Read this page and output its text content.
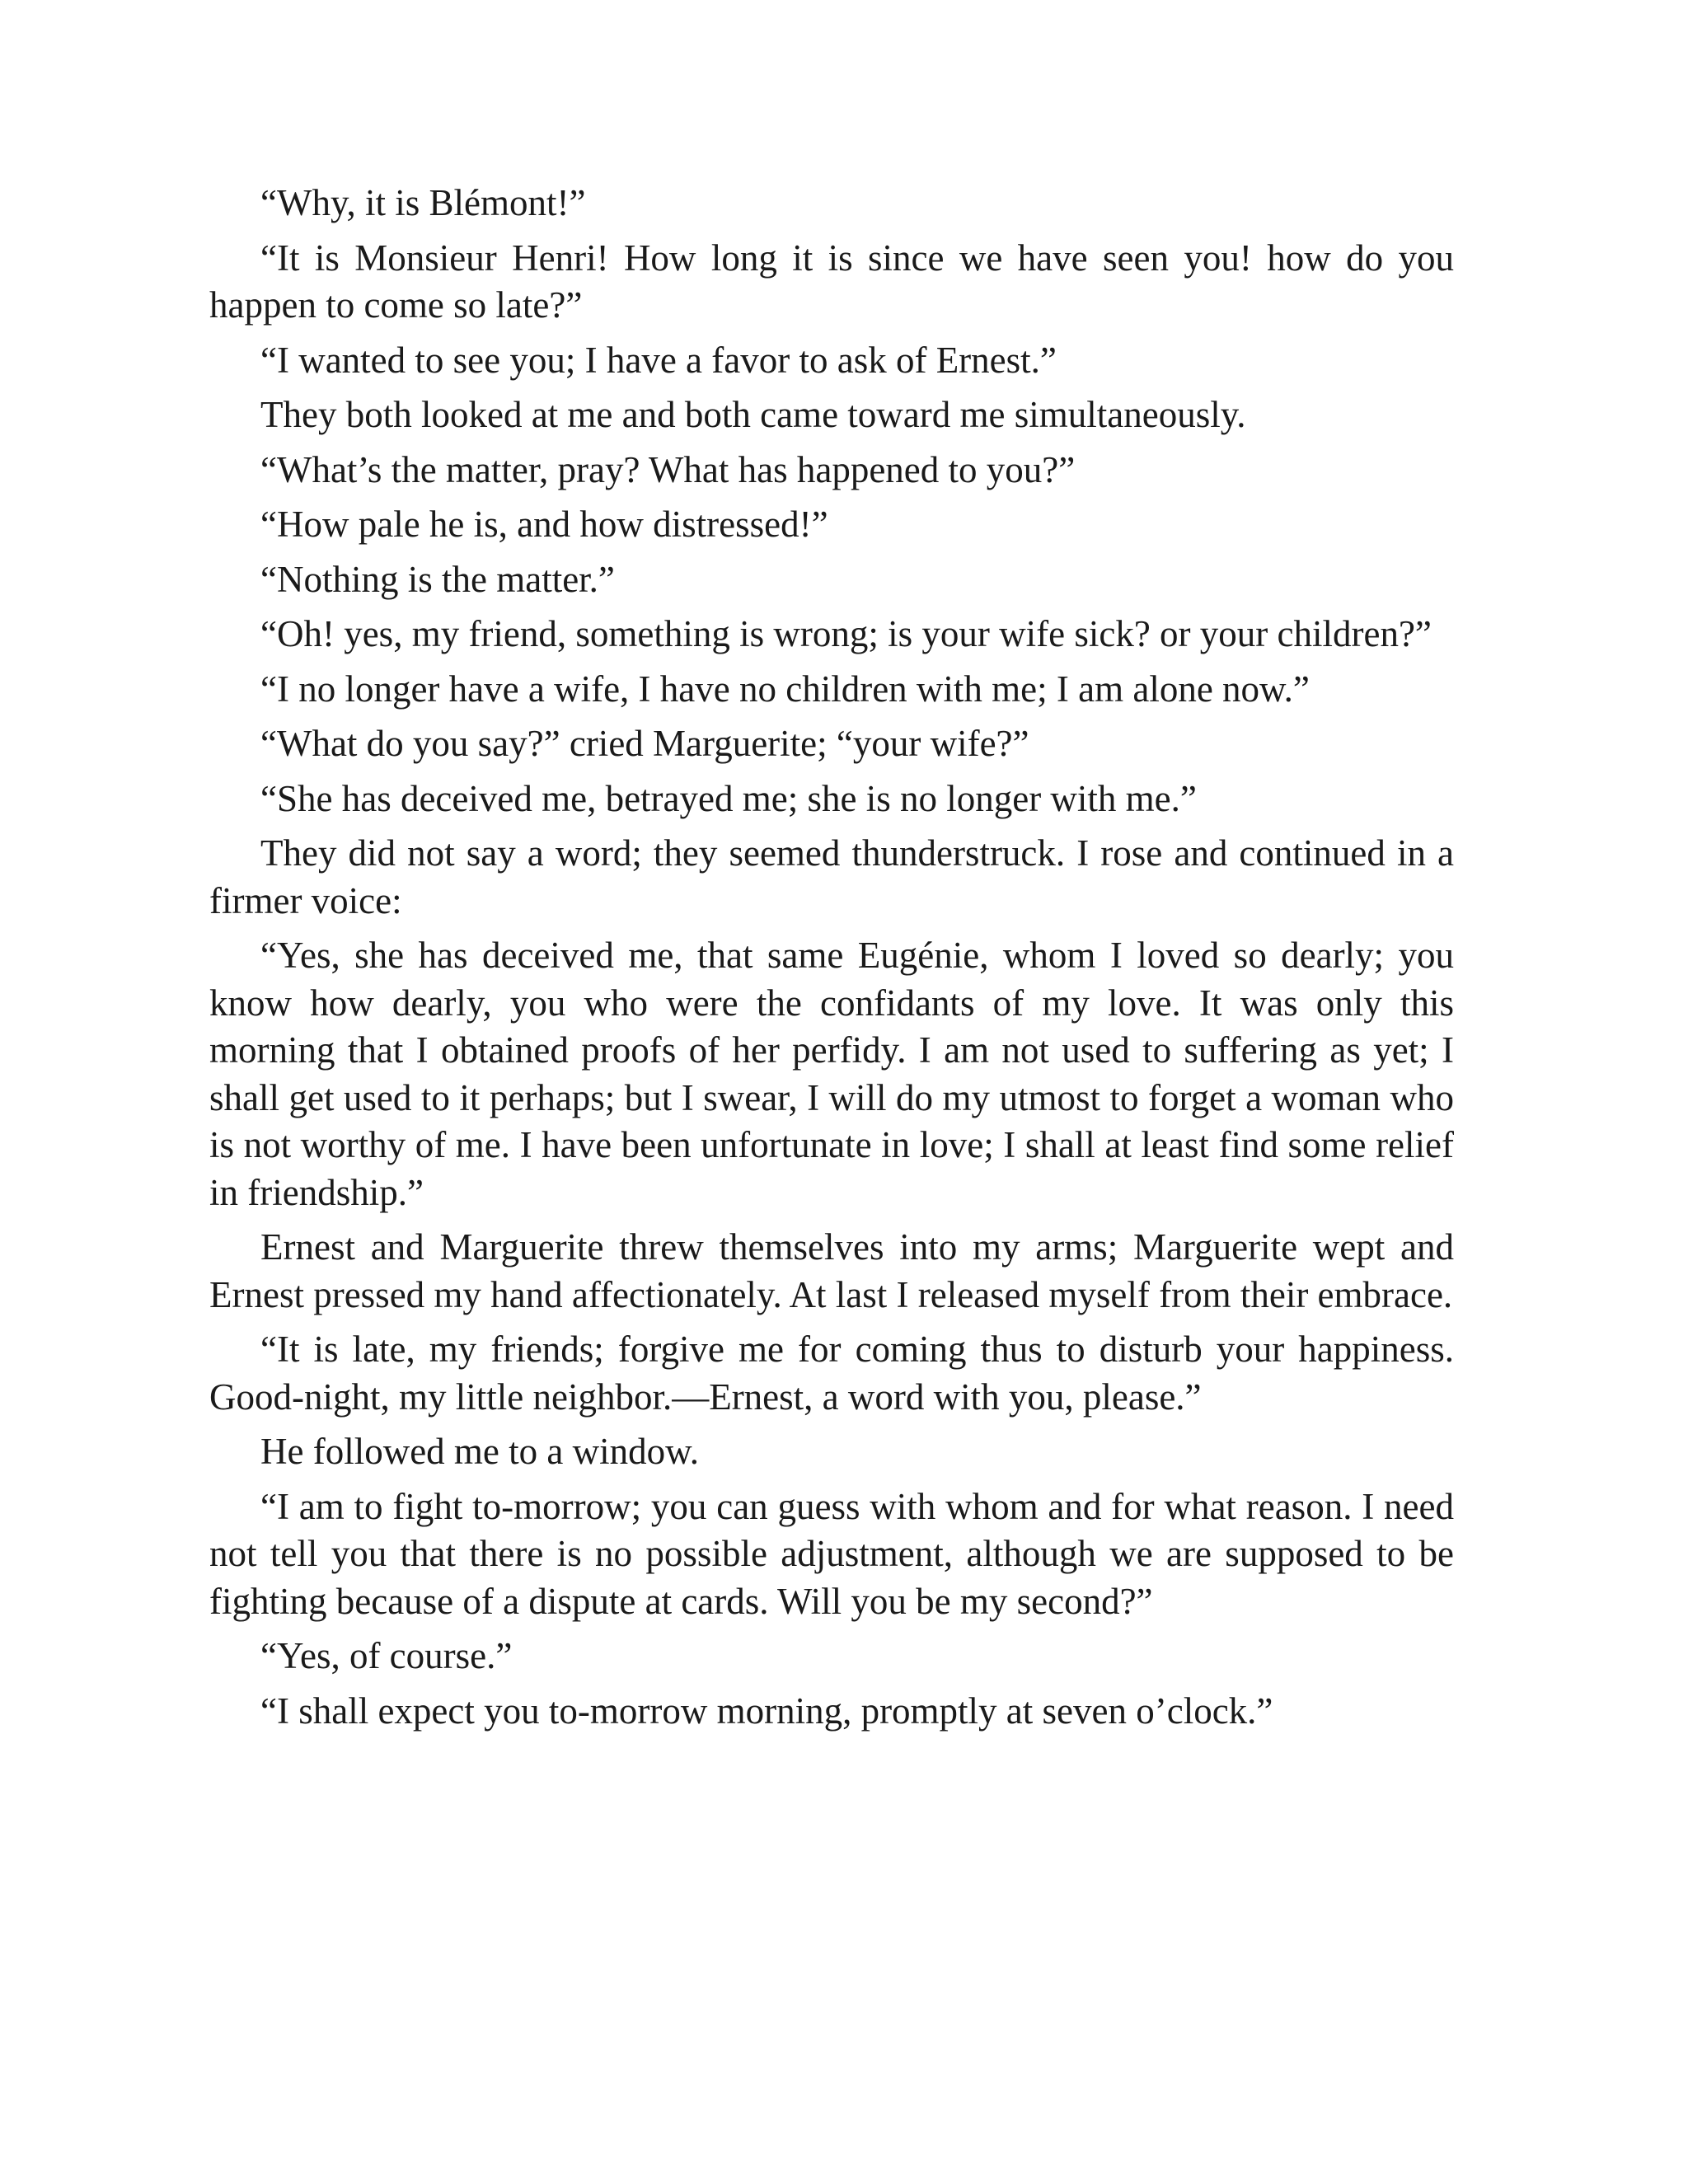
“Why, it is Blémont!”

“It is Monsieur Henri! How long it is since we have seen you! how do you happen to come so late?”

“I wanted to see you; I have a favor to ask of Ernest.”

They both looked at me and both came toward me simultaneously.

“What’s the matter, pray? What has happened to you?”

“How pale he is, and how distressed!”

“Nothing is the matter.”

“Oh! yes, my friend, something is wrong; is your wife sick? or your children?”

“I no longer have a wife, I have no children with me; I am alone now.”

“What do you say?” cried Marguerite; “your wife?”

“She has deceived me, betrayed me; she is no longer with me.”

They did not say a word; they seemed thunderstruck. I rose and continued in a firmer voice:

“Yes, she has deceived me, that same Eugénie, whom I loved so dearly; you know how dearly, you who were the confidants of my love. It was only this morning that I obtained proofs of her perfidy. I am not used to suffering as yet; I shall get used to it perhaps; but I swear, I will do my utmost to forget a woman who is not worthy of me. I have been unfortunate in love; I shall at least find some relief in friendship.”

Ernest and Marguerite threw themselves into my arms; Marguerite wept and Ernest pressed my hand affectionately. At last I released myself from their embrace.

“It is late, my friends; forgive me for coming thus to disturb your happiness. Good-night, my little neighbor.—Ernest, a word with you, please.”

He followed me to a window.

“I am to fight to-morrow; you can guess with whom and for what reason. I need not tell you that there is no possible adjustment, although we are supposed to be fighting because of a dispute at cards. Will you be my second?”

“Yes, of course.”

“I shall expect you to-morrow morning, promptly at seven o’clock.”
